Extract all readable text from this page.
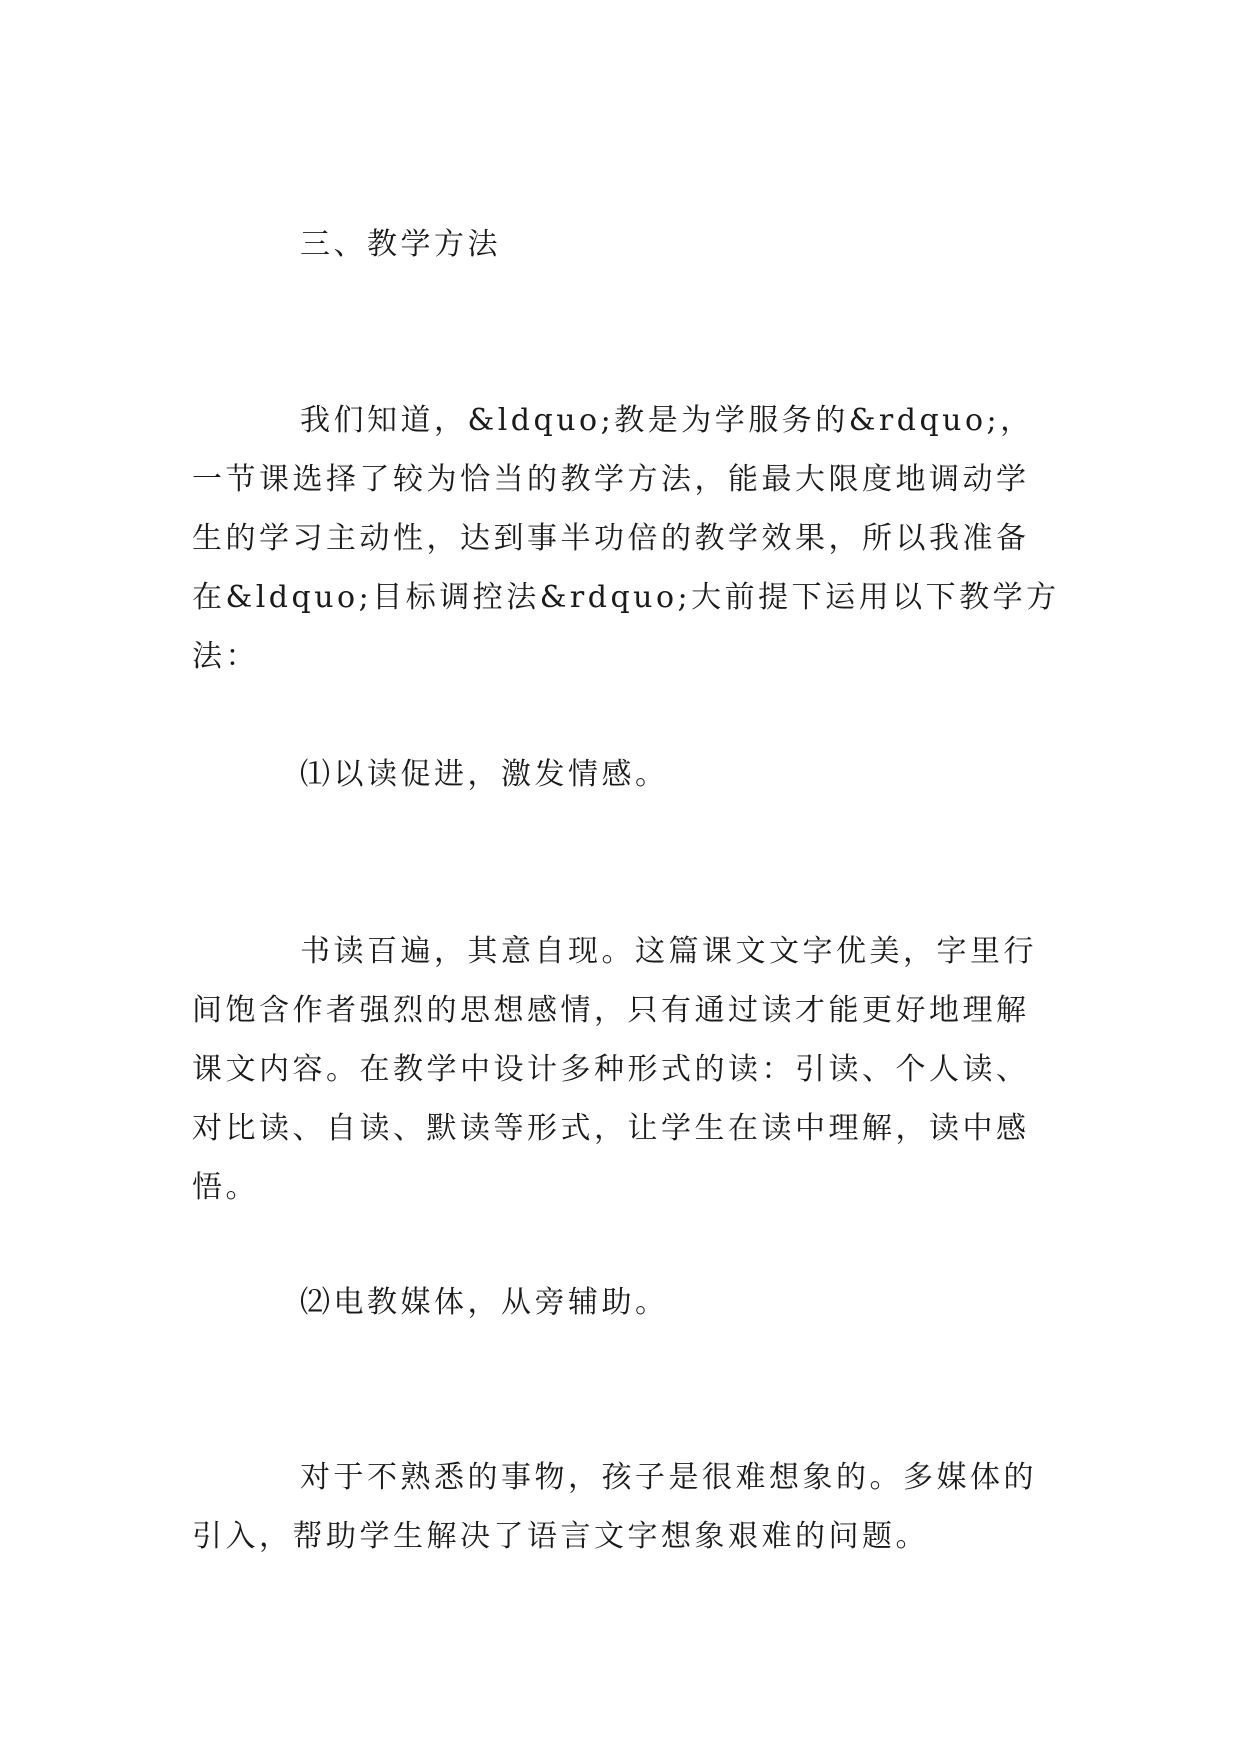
三、教学方法

我们知道，&ldquo;教是为学服务的&rdquo;，一节课选择了较为恰当的教学方法，能最大限度地调动学生的学习主动性，达到事半功倍的教学效果，所以我准备在&ldquo;目标调控法&rdquo;大前提下运用以下教学方法：

⑴以读促进，激发情感。

书读百遍，其意自现。这篇课文文字优美，字里行间饱含作者强烈的思想感情，只有通过读才能更好地理解课文内容。在教学中设计多种形式的读：引读、个人读、对比读、自读、默读等形式，让学生在读中理解，读中感悟。

⑵电教媒体，从旁辅助。

对于不熟悉的事物，孩子是很难想象的。多媒体的引入，帮助学生解决了语言文字想象艰难的问题。
